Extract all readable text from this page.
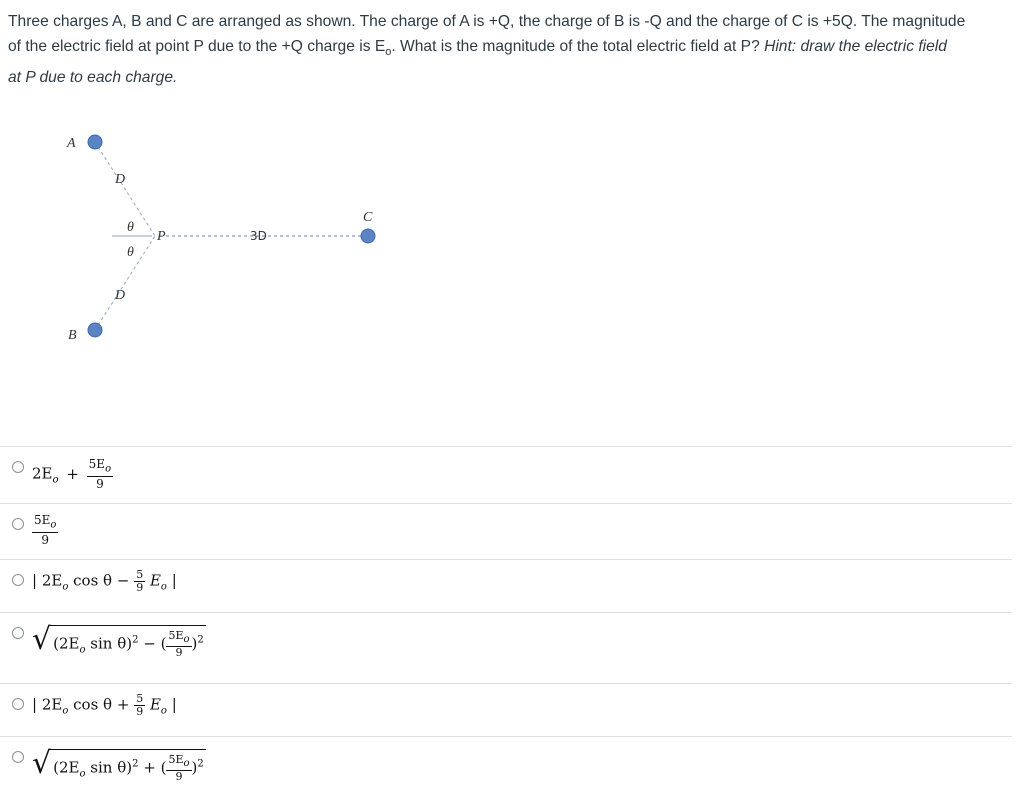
Three charges A, B and C are arranged as shown. The charge of A is +Q, the charge of B is -Q and the charge of C is +5Q. The magnitude
of the electric field at point P due to the +Q charge is $E_o$. What is the magnitude of the total electric field at P? Hint: draw the electric field
at P due to each charge.
A
B
C
P
D
D
θ
θ
3D
$2E_o + \frac{5E_o}{9}$
$\frac{5E_o}{9}$
| $2E_o$ $\cos \theta - \frac{5}{9} E_o$ |
√ ($2E_o$ sin θ)$^2$ − ( $\frac{5E_o}{9} )^2$
| $2E_o$ $\cos \theta + \frac{5}{9} E_o$ |
√ ($2E_o$ sin θ)$^2$ + ( $\frac{5E_o}{9} )^2$
